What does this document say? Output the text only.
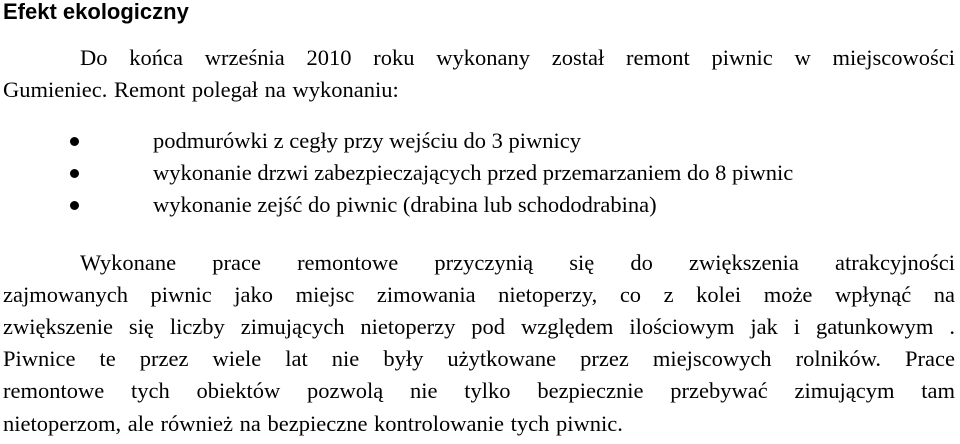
Efekt ekologiczny
Do końca września 2010 roku wykonany został remont piwnic w miejscowości
Gumieniec. Remont polegał na wykonaniu:
podmurówki z cegły przy wejściu do 3 piwnicy
wykonanie drzwi zabezpieczających przed przemarzaniem do 8 piwnic
wykonanie zejść do piwnic (drabina lub schododrabina)
Wykonane prace remontowe przyczynią się do zwiększenia atrakcyjności
zajmowanych piwnic jako miejsc zimowania nietoperzy, co z kolei może wpłynąć na
zwiększenie się liczby zimujących nietoperzy pod względem ilościowym jak i gatunkowym .
Piwnice te przez wiele lat nie były użytkowane przez miejscowych rolników. Prace
remontowe tych obiektów pozwolą nie tylko bezpiecznie przebywać zimującym tam
nietoperzom, ale również na bezpieczne kontrolowanie tych piwnic.
